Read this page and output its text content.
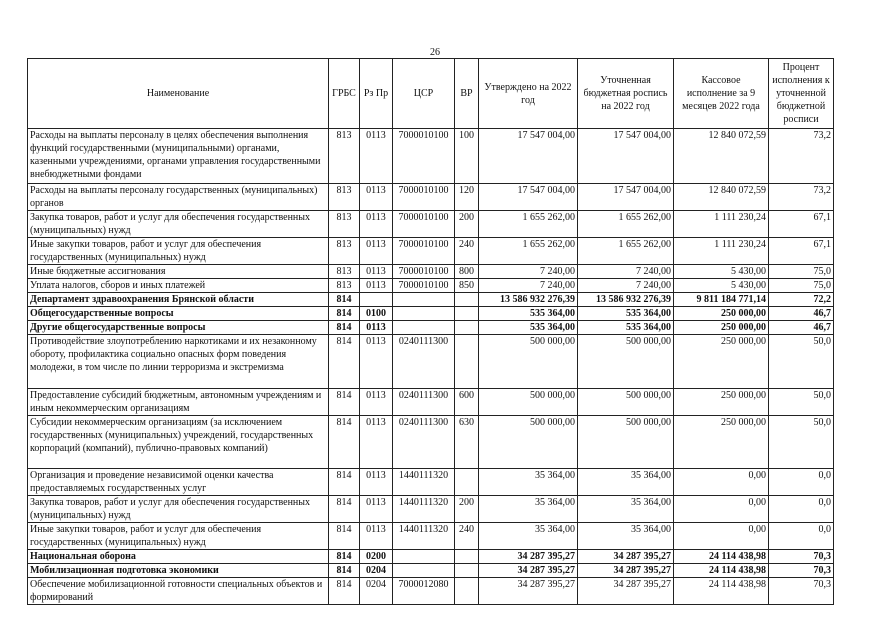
26
Наименование	ГРБС	Рз Пр	ЦСР	ВР	Утверждено на 2022 год	Уточненная бюджетная роспись на 2022 год	Кассовое исполнение за 9 месяцев 2022 года	Процент исполнения к уточненной бюджетной росписи
Расходы на выплаты персоналу в целях обеспечения выполнения функций государственными (муниципальными) органами, казенными учреждениями, органами управления государственными внебюджетными фондами	813	0113	7000010100	100	17 547 004,00	17 547 004,00	12 840 072,59	73,2
Расходы на выплаты персоналу государственных (муниципальных) органов	813	0113	7000010100	120	17 547 004,00	17 547 004,00	12 840 072,59	73,2
Закупка товаров, работ и услуг для обеспечения государственных (муниципальных) нужд	813	0113	7000010100	200	1 655 262,00	1 655 262,00	1 111 230,24	67,1
Иные закупки товаров, работ и услуг для обеспечения государственных (муниципальных) нужд	813	0113	7000010100	240	1 655 262,00	1 655 262,00	1 111 230,24	67,1
Иные бюджетные ассигнования	813	0113	7000010100	800	7 240,00	7 240,00	5 430,00	75,0
Уплата налогов, сборов и иных платежей	813	0113	7000010100	850	7 240,00	7 240,00	5 430,00	75,0
Департамент здравоохранения Брянской области	814				13 586 932 276,39	13 586 932 276,39	9 811 184 771,14	72,2
Общегосударственные вопросы	814	0100			535 364,00	535 364,00	250 000,00	46,7
Другие общегосударственные вопросы	814	0113			535 364,00	535 364,00	250 000,00	46,7
Противодействие злоупотреблению наркотиками и их незаконному обороту, профилактика социально опасных форм поведения молодежи, в том числе по линии терроризма и экстремизма	814	0113	0240111300		500 000,00	500 000,00	250 000,00	50,0
Предоставление субсидий бюджетным, автономным учреждениям и иным некоммерческим организациям	814	0113	0240111300	600	500 000,00	500 000,00	250 000,00	50,0
Субсидии некоммерческим организациям (за исключением государственных (муниципальных) учреждений, государственных корпораций (компаний), публично-правовых компаний)	814	0113	0240111300	630	500 000,00	500 000,00	250 000,00	50,0
Организация и проведение независимой оценки качества предоставляемых государственных услуг	814	0113	1440111320		35 364,00	35 364,00	0,00	0,0
Закупка товаров, работ и услуг для обеспечения государственных (муниципальных) нужд	814	0113	1440111320	200	35 364,00	35 364,00	0,00	0,0
Иные закупки товаров, работ и услуг для обеспечения государственных (муниципальных) нужд	814	0113	1440111320	240	35 364,00	35 364,00	0,00	0,0
Национальная оборона	814	0200			34 287 395,27	34 287 395,27	24 114 438,98	70,3
Мобилизационная подготовка экономики	814	0204			34 287 395,27	34 287 395,27	24 114 438,98	70,3
Обеспечение мобилизационной готовности специальных объектов и формирований	814	0204	7000012080		34 287 395,27	34 287 395,27	24 114 438,98	70,3
